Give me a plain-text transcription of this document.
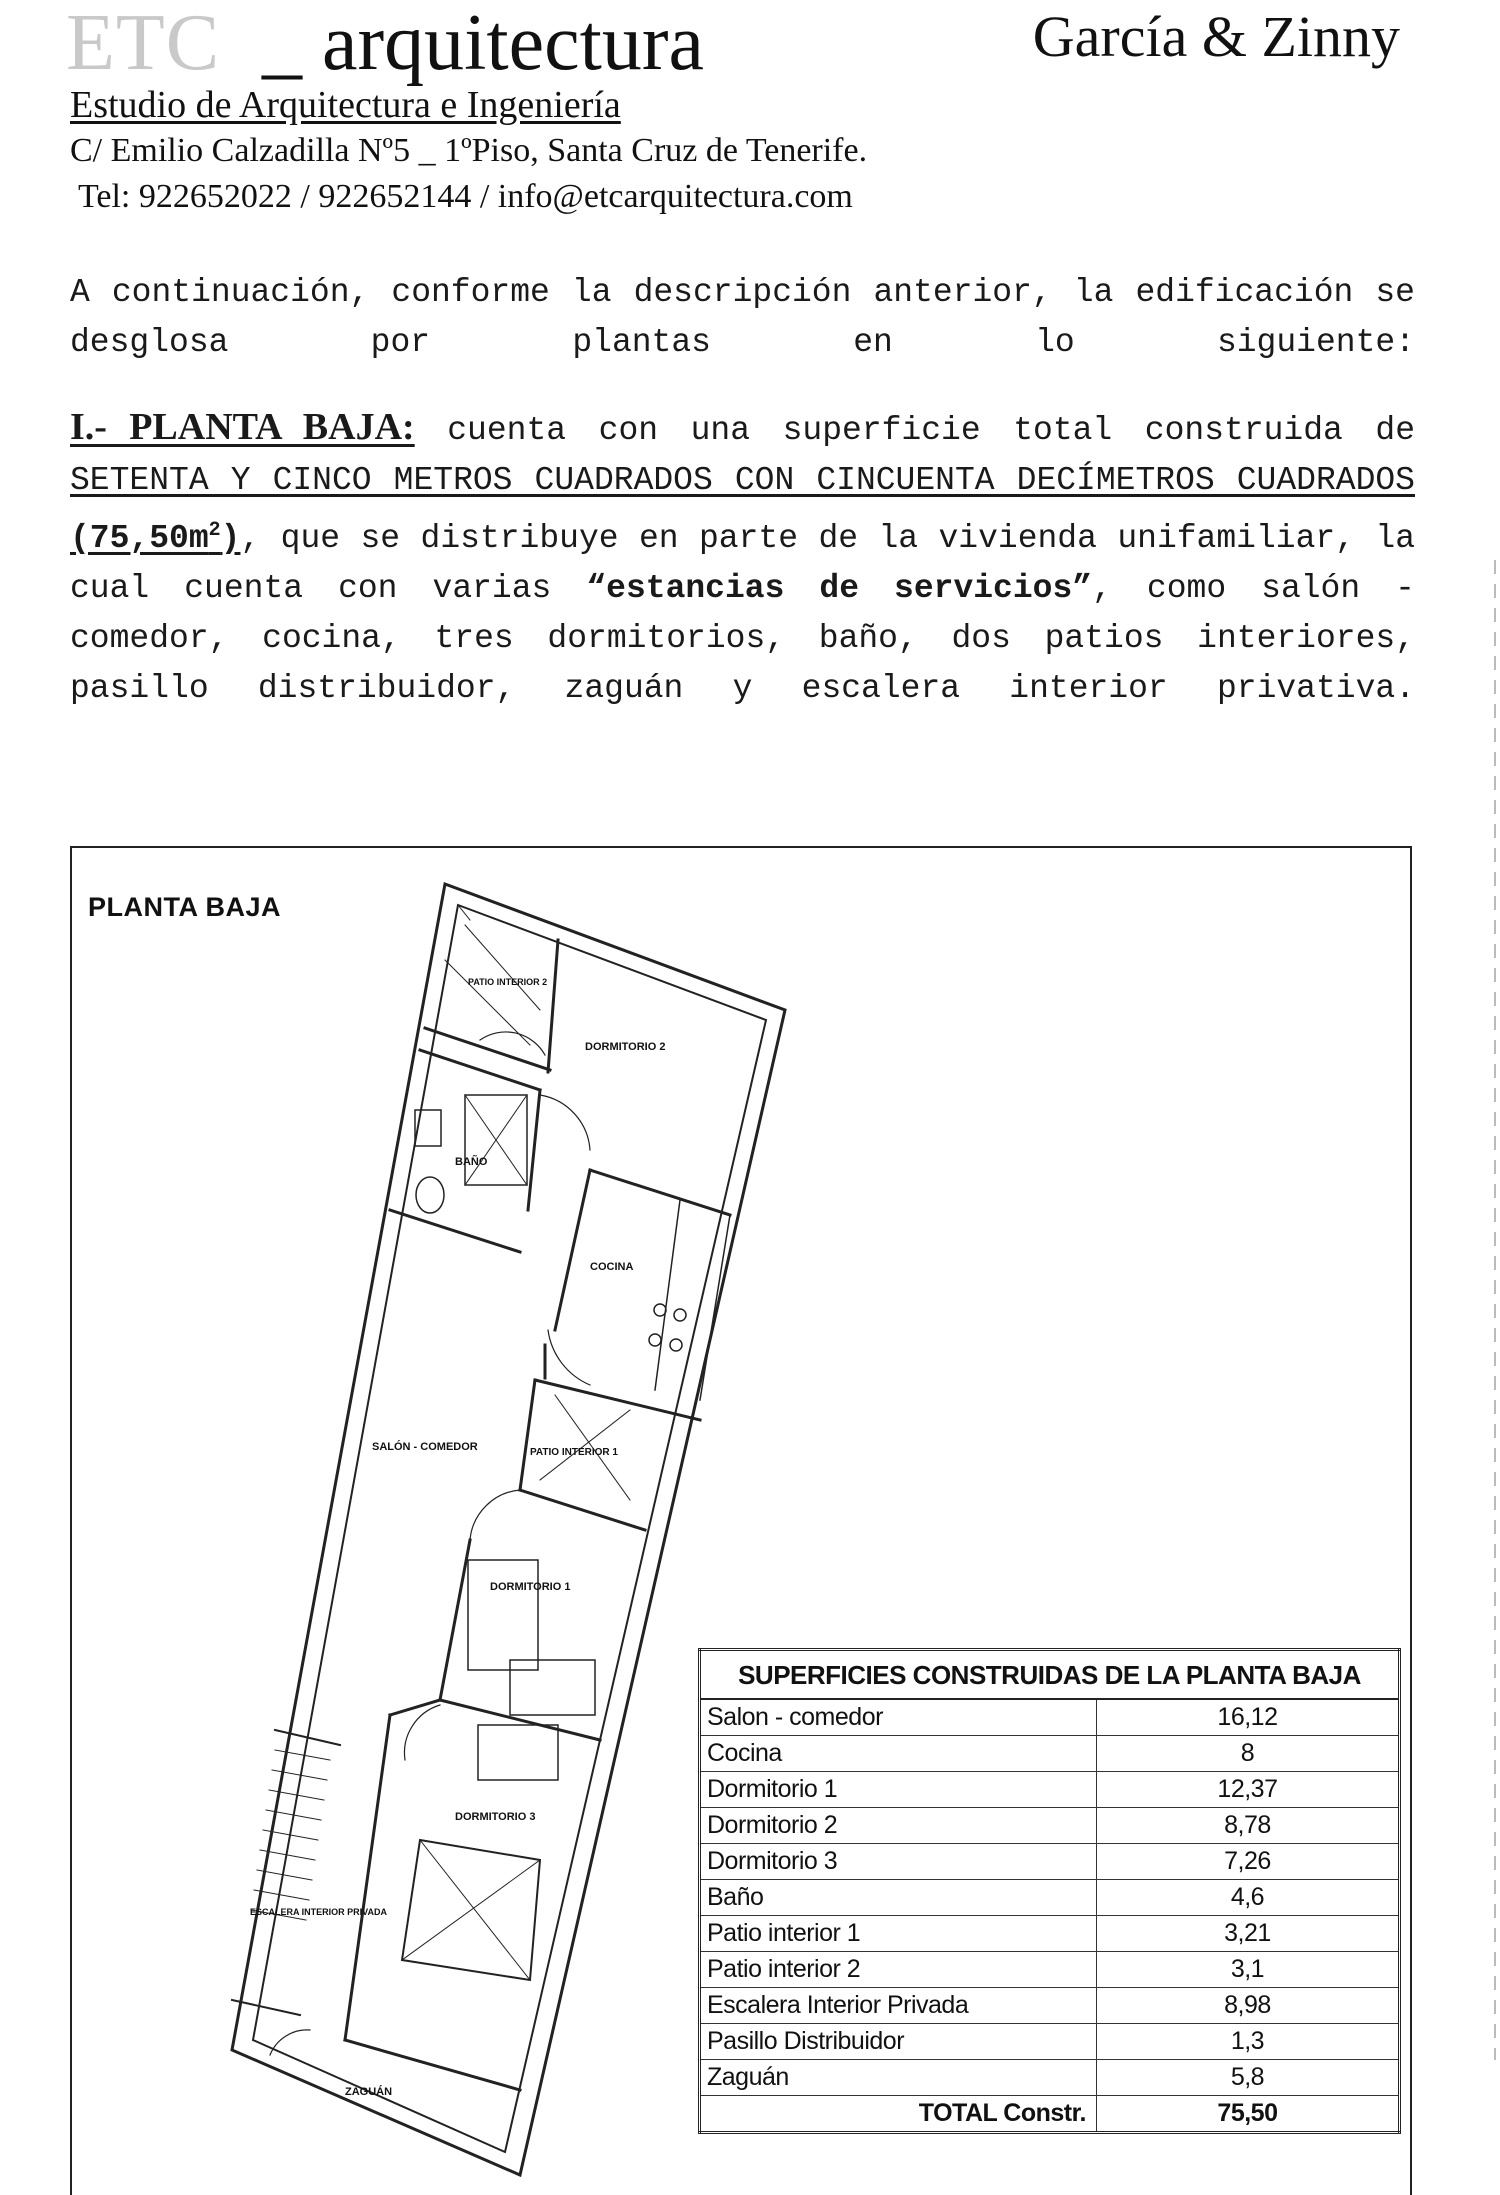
ETC _ arquitectura	García & Zinny
Estudio de Arquitectura e Ingeniería
C/ Emilio Calzadilla Nº5 _ 1ºPiso, Santa Cruz de Tenerife.
Tel: 922652022 / 922652144 / info@etcarquitectura.com
A continuación, conforme la descripción anterior, la edificación se desglosa por plantas en lo siguiente:
I.- PLANTA BAJA: cuenta con una superficie total construida de SETENTA Y CINCO METROS CUADRADOS CON CINCUENTA DECÍMETROS CUADRADOS $(75,50m^2)$, que se distribuye en parte de la vivienda unifamiliar, la cual cuenta con varias “estancias de servicios”, como salón - comedor, cocina, tres dormitorios, baño, dos patios interiores, pasillo distribuidor, zaguán y escalera interior privativa.
PLANTA BAJA
PATIO INTERIOR 2
DORMITORIO 2
BAÑO
COCINA
SALÓN - COMEDOR	PATIO INTERIOR 1
DORMITORIO 1
DORMITORIO 3
ESCALERA INTERIOR PRIVADA
ZAGUÁN
SUPERFICIES CONSTRUIDAS DE LA PLANTA BAJA	
Salon - comedor	16,12
Cocina	8
Dormitorio 1	12,37
Dormitorio 2	8,78
Dormitorio 3	7,26
Baño	4,6
Patio interior 1	3,21
Patio interior 2	3,1
Escalera Interior Privada	8,98
Pasillo Distribuidor	1,3
Zaguán	5,8
TOTAL Constr.	75,50
